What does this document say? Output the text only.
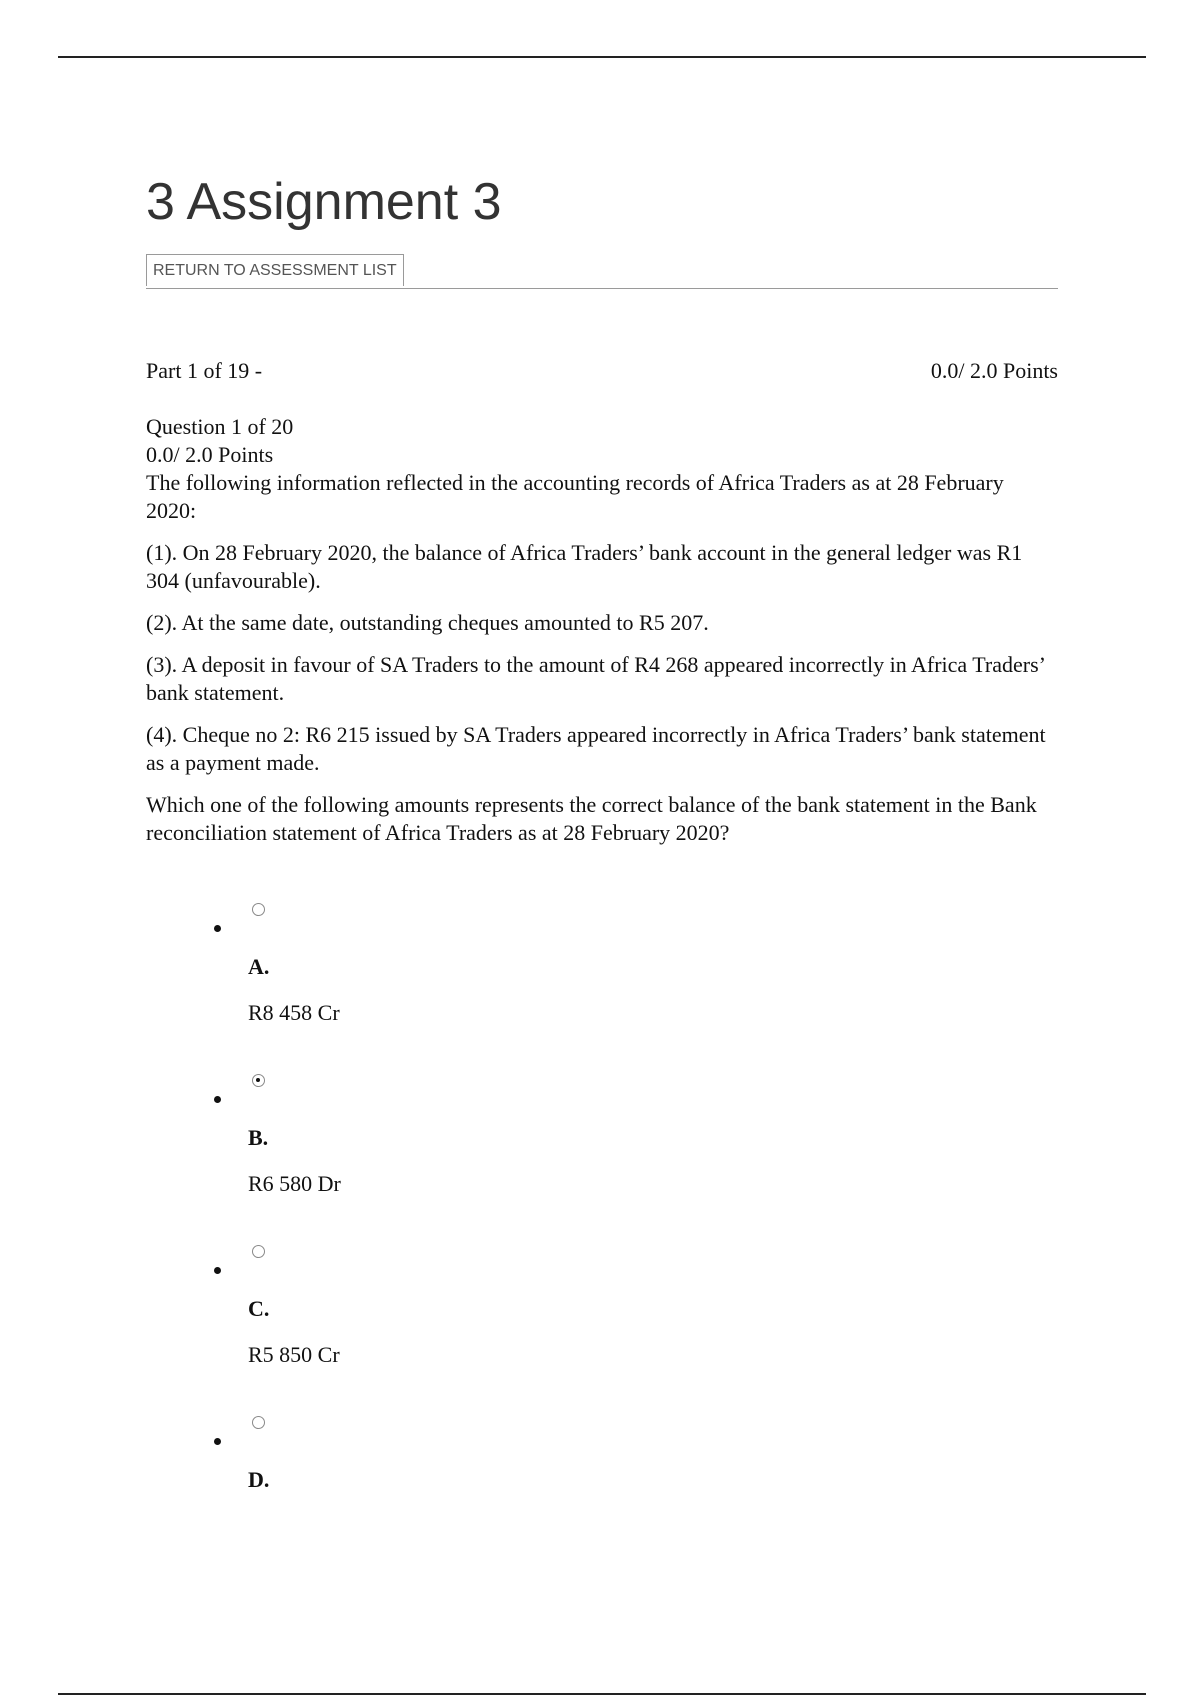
3 Assignment 3
RETURN TO ASSESSMENT LIST
Part 1 of 19 -	0.0/ 2.0 Points

Question 1 of 20

0.0/ 2.0 Points

The following information reflected in the accounting records of Africa Traders as at 28 February 2020:

(1). On 28 February 2020, the balance of Africa Traders’ bank account in the general ledger was R1 304 (unfavourable).

(2). At the same date, outstanding cheques amounted to R5 207.

(3). A deposit in favour of SA Traders to the amount of R4 268 appeared incorrectly in Africa Traders’ bank statement.

(4). Cheque no 2: R6 215 issued by SA Traders appeared incorrectly in Africa Traders’ bank statement as a payment made.

Which one of the following amounts represents the correct balance of the bank statement in the Bank reconciliation statement of Africa Traders as at 28 February 2020?

A.
R8 458 Cr
B.
R6 580 Dr
C.
R5 850 Cr
D.
